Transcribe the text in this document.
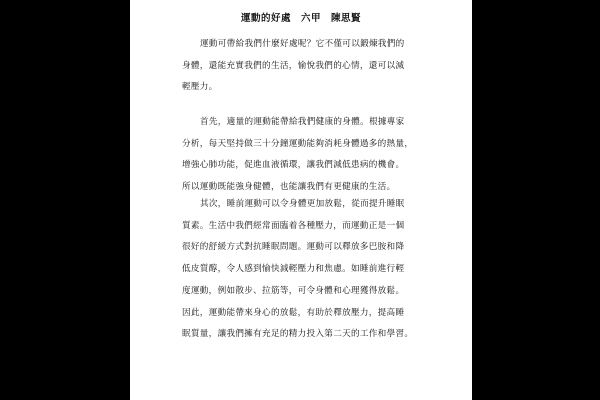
運動的好處　六甲　陳思賢
運動可帶給我們什麼好處呢？它不僅可以鍛煉我們的
身體，還能充實我們的生活，愉悅我們的心情，還可以減
輕壓力。
首先，適量的運動能帶給我們健康的身體。根據專家
分析，每天堅持做三十分鐘運動能夠消耗身體過多的熱量，
增強心肺功能，促進血液循環，讓我們減低患病的機會。
所以運動既能強身健體，也能讓我們有更健康的生活。
其次，睡前運動可以令身體更加放鬆，從而提升睡眠
質素。生活中我們經常面臨着各種壓力，而運動正是一個
很好的舒緩方式對抗睡眠問題。運動可以釋放多巴胺和降
低皮質醇，令人感到愉快減輕壓力和焦慮。如睡前進行輕
度運動，例如散步、拉筋等，可令身體和心理獲得放鬆。
因此，運動能帶來身心的放鬆，有助於釋放壓力，提高睡
眠質量，讓我們擁有充足的精力投入第二天的工作和學習。
